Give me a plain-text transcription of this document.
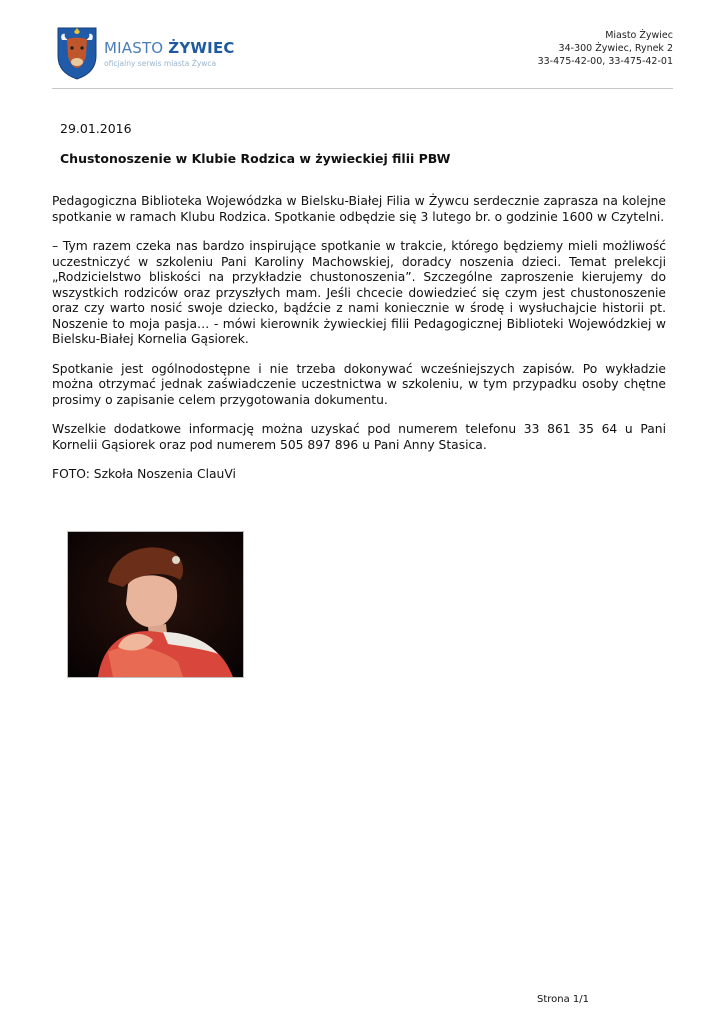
MIASTO ŻYWIEC
oficjalny serwis miasta Żywca
Miasto Żywiec
34-300 Żywiec, Rynek 2
33-475-42-00, 33-475-42-01
29.01.2016
Chustonoszenie w Klubie Rodzica w żywieckiej filii PBW

Pedagogiczna Biblioteka Wojewódzka w Bielsku-Białej Filia w Żywcu serdecznie zaprasza na kolejne spotkanie w ramach Klubu Rodzica. Spotkanie odbędzie się 3 lutego br. o godzinie 1600 w Czytelni.

– Tym razem czeka nas bardzo inspirujące spotkanie w trakcie, którego będziemy mieli możliwość uczestniczyć w szkoleniu Pani Karoliny Machowskiej, doradcy noszenia dzieci. Temat prelekcji „Rodzicielstwo bliskości na przykładzie chustonoszenia”. Szczególne zaproszenie kierujemy do wszystkich rodziców oraz przyszłych mam. Jeśli chcecie dowiedzieć się czym jest chustonoszenie oraz czy warto nosić swoje dziecko, bądźcie z nami koniecznie w środę i wysłuchajcie historii pt. Noszenie to moja pasja… - mówi kierownik żywieckiej filii Pedagogicznej Biblioteki Wojewódzkiej w Bielsku-Białej Kornelia Gąsiorek.

Spotkanie jest ogólnodostępne i nie trzeba dokonywać wcześniejszych zapisów. Po wykładzie można otrzymać jednak zaświadczenie uczestnictwa w szkoleniu, w tym przypadku osoby chętne prosimy o zapisanie celem przygotowania dokumentu.

Wszelkie dodatkowe informację można uzyskać pod numerem telefonu 33 861 35 64 u Pani Kornelii Gąsiorek oraz pod numerem 505 897 896 u Pani Anny Stasica.

FOTO: Szkoła Noszenia ClauVi

Strona 1/1
